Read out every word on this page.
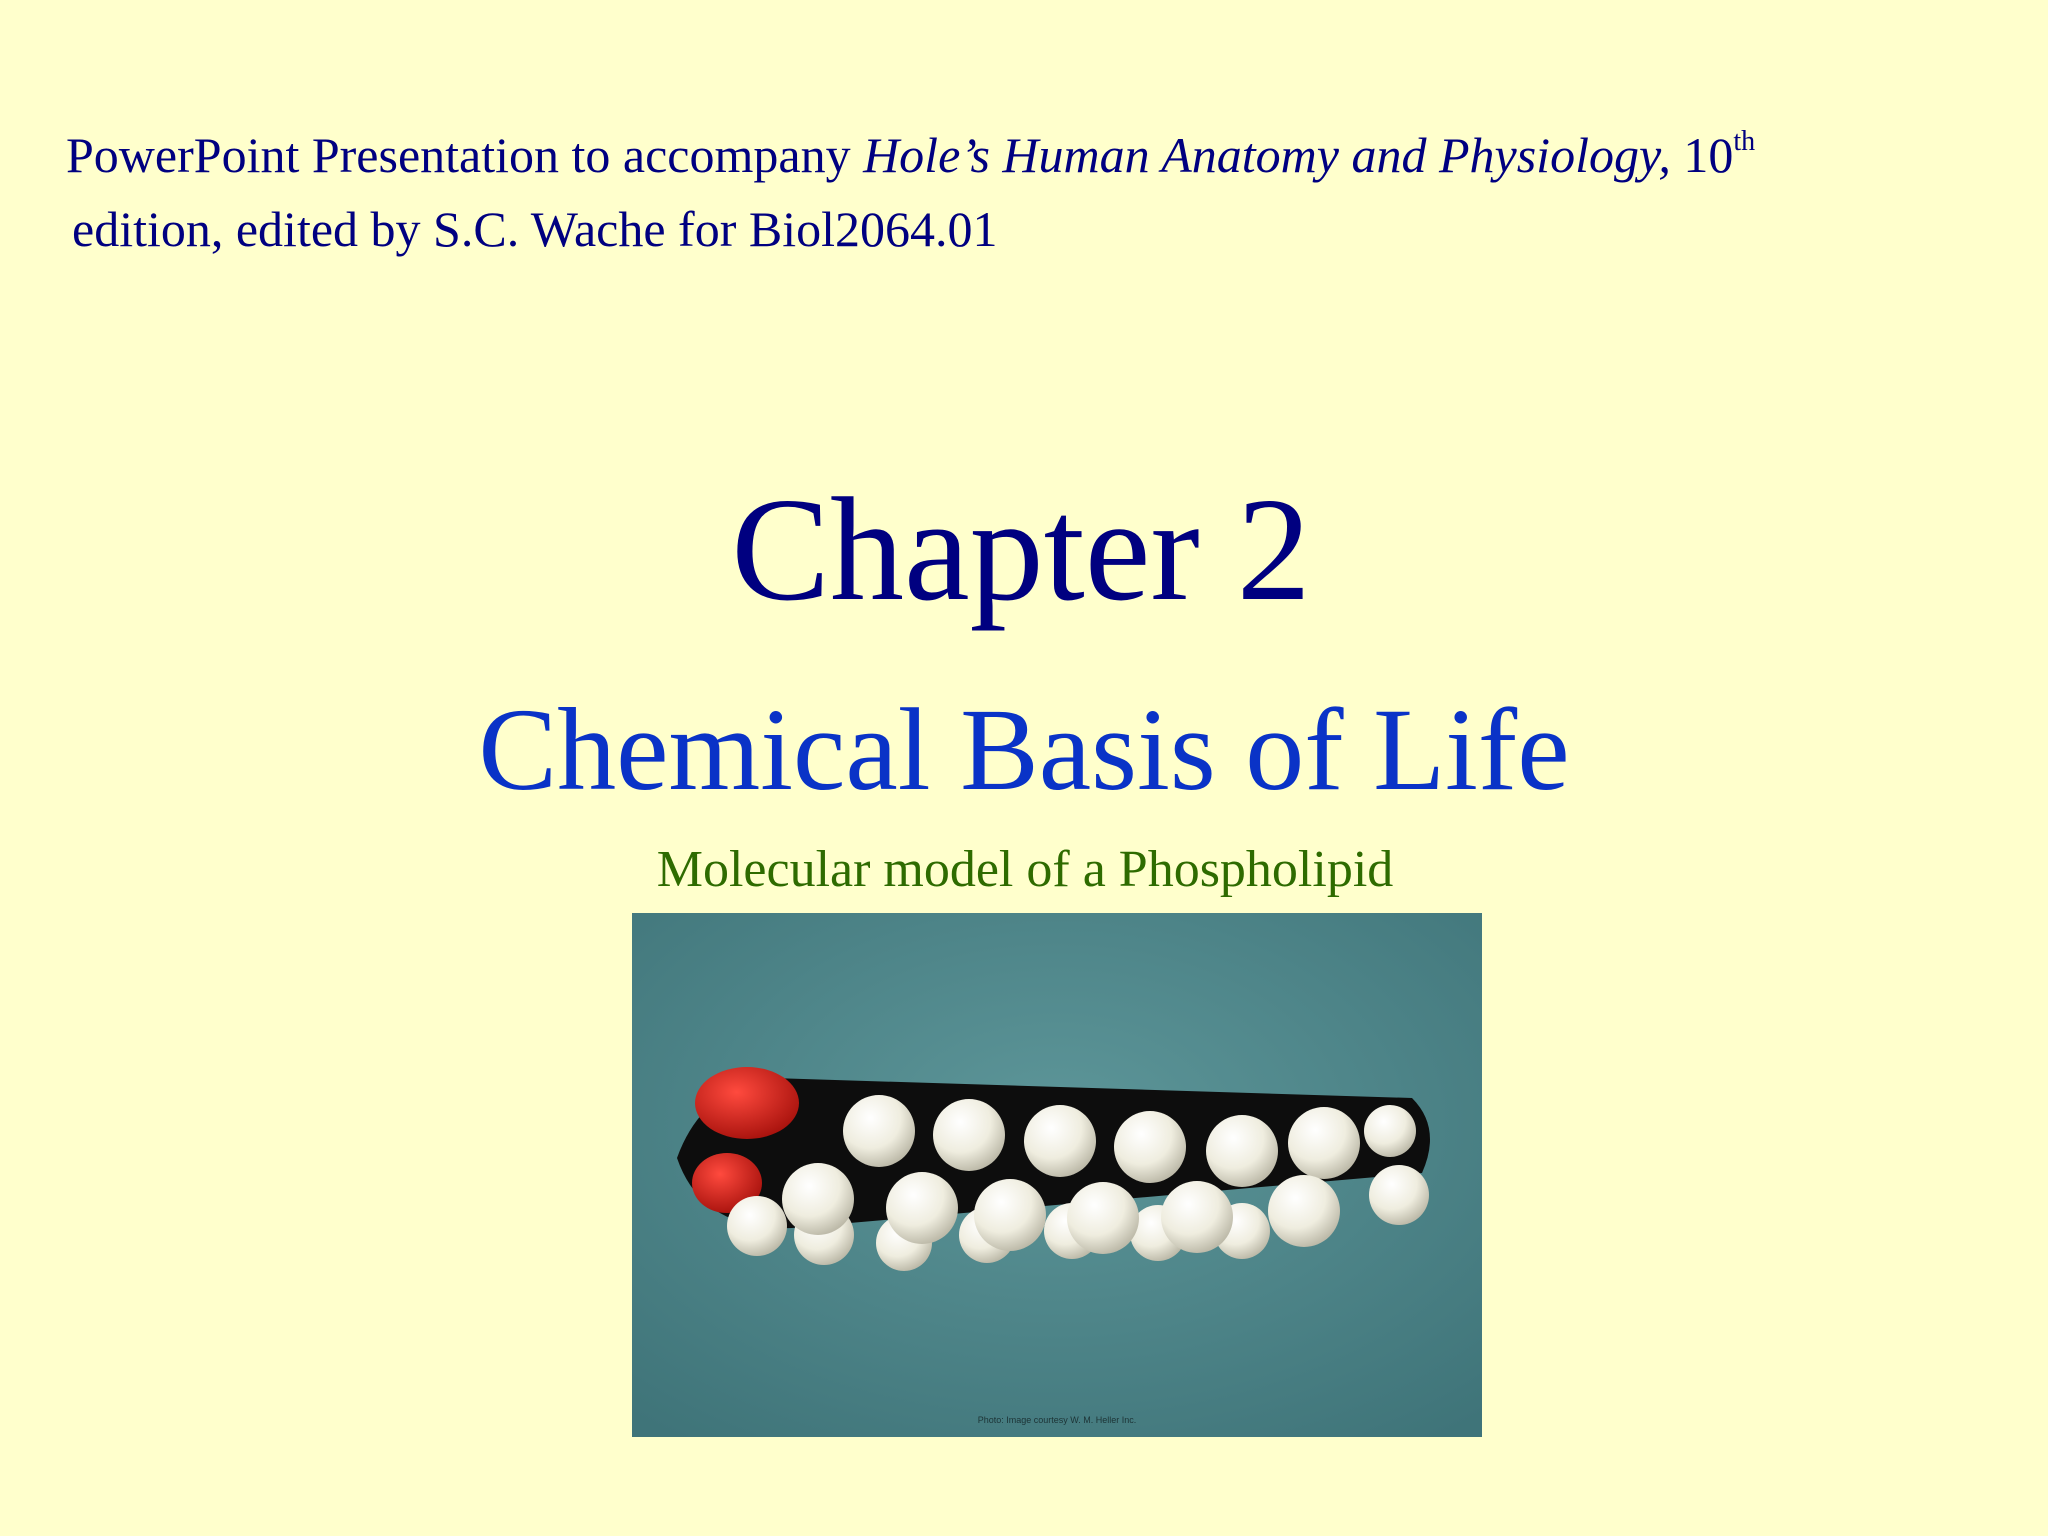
PowerPoint Presentation to accompany Hole’s Human Anatomy and Physiology, 10th
edition, edited by S.C. Wache for Biol2064.01
Chapter 2
Chemical Basis of Life
Molecular model of a Phospholipid
Photo: Image courtesy W. M. Heller Inc.
